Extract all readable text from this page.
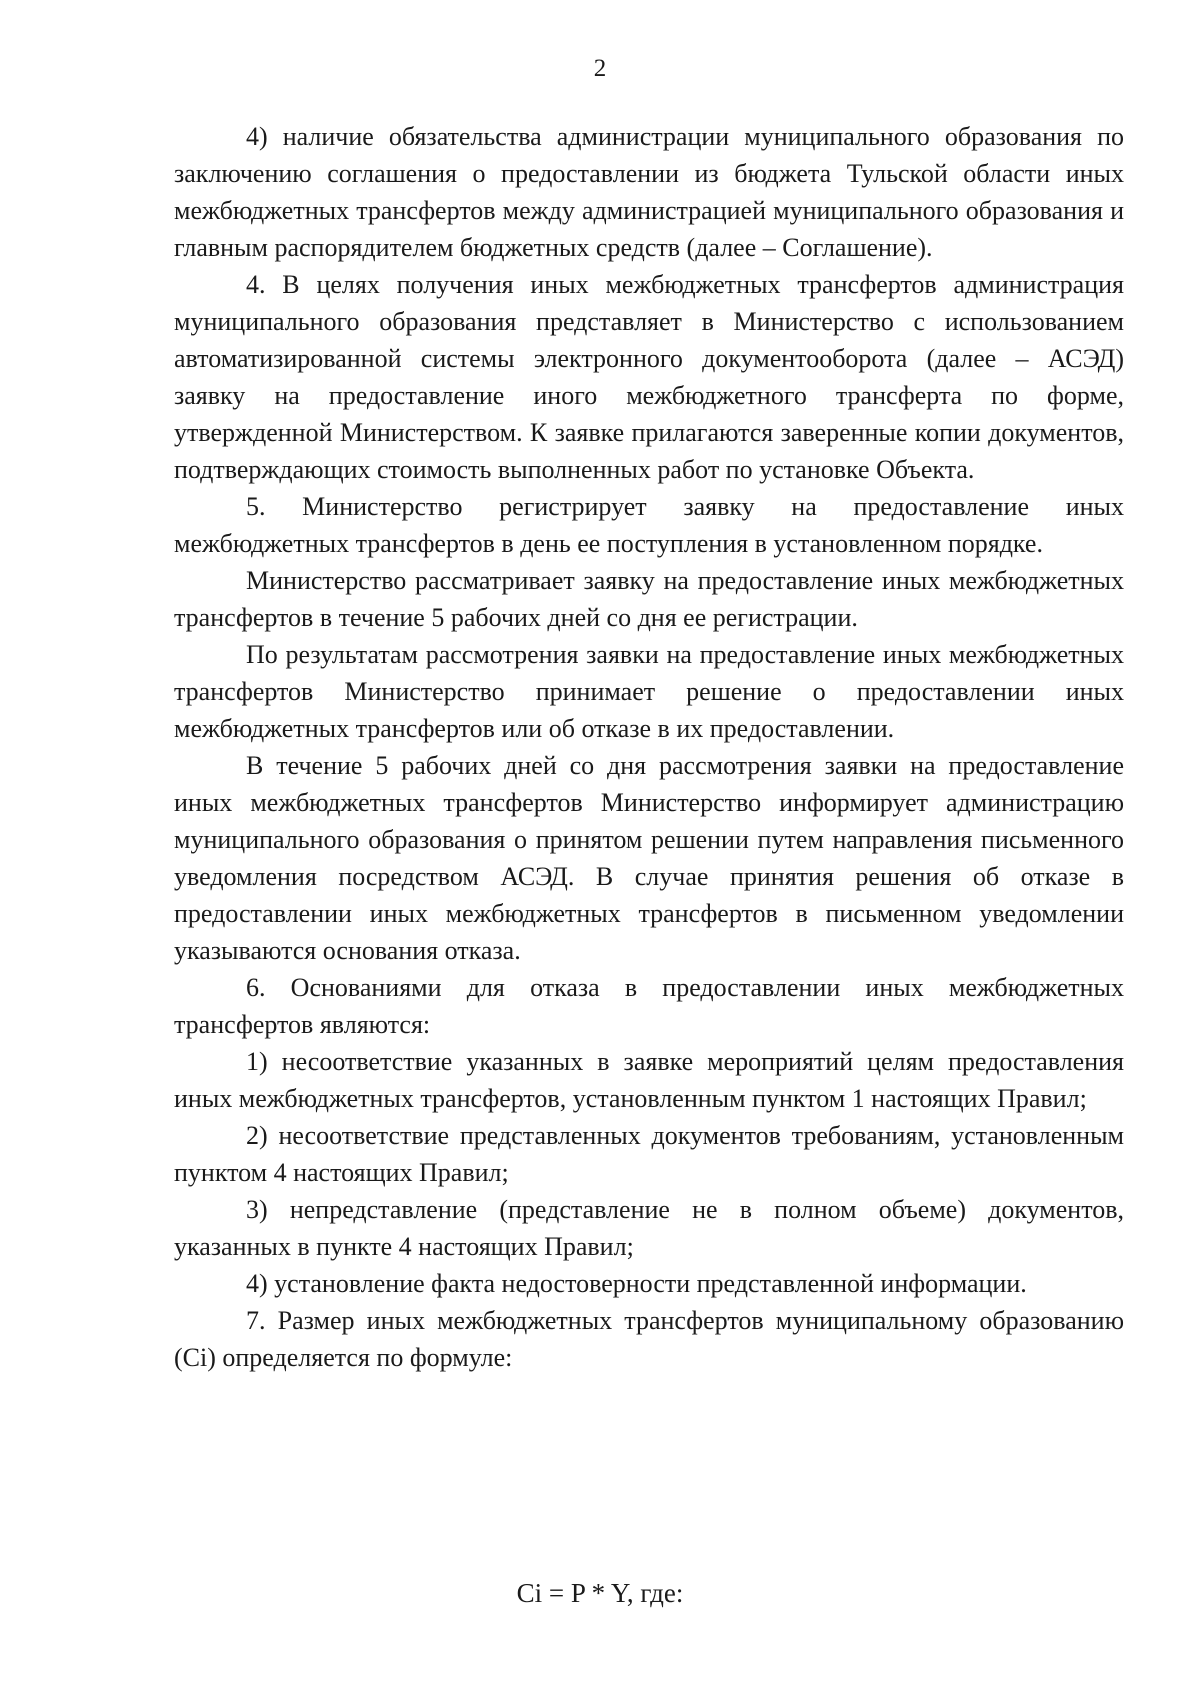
2

4) наличие обязательства администрации муниципального образования по заключению соглашения о предоставлении из бюджета Тульской области иных межбюджетных трансфертов между администрацией муниципального образования и главным распорядителем бюджетных средств (далее – Соглашение).

4. В целях получения иных межбюджетных трансфертов администрация муниципального образования представляет в Министерство с использованием автоматизированной системы электронного документооборота (далее – АСЭД) заявку на предоставление иного межбюджетного трансферта по форме, утвержденной Министерством. К заявке прилагаются заверенные копии документов, подтверждающих стоимость выполненных работ по установке Объекта.

5. Министерство регистрирует заявку на предоставление иных межбюджетных трансфертов в день ее поступления в установленном порядке.

Министерство рассматривает заявку на предоставление иных межбюджетных трансфертов в течение 5 рабочих дней со дня ее регистрации.

По результатам рассмотрения заявки на предоставление иных межбюджетных трансфертов Министерство принимает решение о предоставлении иных межбюджетных трансфертов или об отказе в их предоставлении.

В течение 5 рабочих дней со дня рассмотрения заявки на предоставление иных межбюджетных трансфертов Министерство информирует администрацию муниципального образования о принятом решении путем направления письменного уведомления посредством АСЭД. В случае принятия решения об отказе в предоставлении иных межбюджетных трансфертов в письменном уведомлении указываются основания отказа.

6. Основаниями для отказа в предоставлении иных межбюджетных трансфертов являются:

1) несоответствие указанных в заявке мероприятий целям предоставления иных межбюджетных трансфертов, установленным пунктом 1 настоящих Правил;

2) несоответствие представленных документов требованиям, установленным пунктом 4 настоящих Правил;

3) непредставление (представление не в полном объеме) документов, указанных в пункте 4 настоящих Правил;

4) установление факта недостоверности представленной информации.

7. Размер иных межбюджетных трансфертов муниципальному образованию (Ci) определяется по формуле:

Ci = P * Y, где:
